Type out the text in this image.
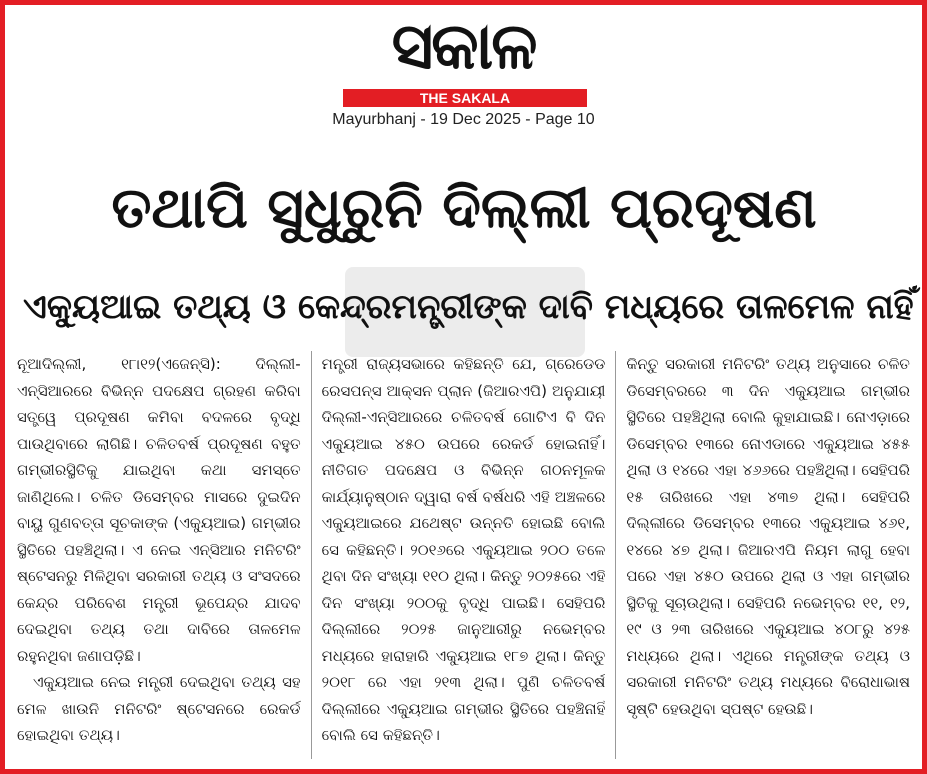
ସକାଳ
THE SAKALA
Mayurbhanj - 19 Dec 2025 - Page 10
ତଥାପି ସୁଧୁରୁନି ଦିଲ୍ଲୀ ପ୍ରଦୂଷଣ
ଏକ୍ୟୁଆଇ ତଥ୍ୟ ଓ କେନ୍ଦ୍ରମନ୍ତ୍ରୀଙ୍କ ଦାବି ମଧ୍ୟରେ ତାଳମେଳ ନାହିଁ

ନୂଆଦିଲ୍ଲୀ, ୧୮ା୧୨(ଏଜେନ୍ସି): ଦିଲ୍ଲୀ-ଏନ୍‌ସିଆରରେ ବିଭିନ୍ନ ପଦକ୍ଷେପ ଗ୍ରହଣ କରିବା ସତ୍ତ୍ୱେ ପ୍ରଦୂଷଣ କମିବା ବଦଳରେ ବୃଦ୍ଧି ପାଉଥିବାରେ ଲାଗିଛି। ଚଳିତବର୍ଷ ପ୍ରଦୂଷଣ ବହୁତ ଗମ୍ଭୀରସ୍ଥିତିକୁ ଯାଇଥିବା କଥା ସମସ୍ତେ ଜାଣିଥିଲେ। ଚଳିତ ଡିସେମ୍ବର ମାସରେ ଦୁଇଦିନ ବାୟୁ ଗୁଣବତ୍ତା ସୂଚକାଙ୍କ (ଏକ୍ୟୁଆଇ) ଗମ୍ଭୀର ସ୍ଥିତିରେ ପହଞ୍ଚିଥିଲା। ଏ ନେଇ ଏନ୍‌ସିଆର ମନିଟରିଂ ଷ୍ଟେସନରୁ ମିଳିଥିବା ସରକାରୀ ତଥ୍ୟ ଓ ସଂସଦରେ କେନ୍ଦ୍ର ପରିବେଶ ମନ୍ତ୍ରୀ ଭୂପେନ୍ଦ୍ର ଯାଦବ ଦେଇଥିବା ତଥ୍ୟ ତଥା ଦାବିରେ ତାଳମେଳ ରହୁନଥିବା ଜଣାପଡ଼ିଛି।

ଏକ୍ୟୁଆଇ ନେଇ ମନ୍ତ୍ରୀ ଦେଇଥିବା ତଥ୍ୟ ସହ ମେଳ ଖାଉନି ମନିଟରିଂ ଷ୍ଟେସନରେ ରେକର୍ଡ ହୋଇଥିବା ତଥ୍ୟ।

ମନ୍ତ୍ରୀ ରାଜ୍ୟସଭାରେ କହିଛନ୍ତି ଯେ, ଗ୍ରେଡେଡ ରେସପନ୍ସ ଆକ୍ସନ ପ୍ଲାନ (ଜିଆରଏପି) ଅନୁଯାୟୀ ଦିଲ୍ଲୀ-ଏନ୍‌ସିଆରରେ ଚଳିତବର୍ଷ ଗୋଟିଏ ବି ଦିନ ଏକ୍ୟୁଆଇ ୪୫୦ ଉପରେ ରେକର୍ଡ ହୋଇନାହିଁ। ନୀତିଗତ ପଦକ୍ଷେପ ଓ ବିଭିନ୍ନ ଗଠନମୂଳକ କାର୍ଯ୍ୟାନୁଷ୍ଠାନ ଦ୍ୱାରା ବର୍ଷ ବର୍ଷଧରି ଏହି ଅଞ୍ଚଳରେ ଏକ୍ୟୁଆଇରେ ଯଥେଷ୍ଟ ଉନ୍ନତି ହୋଇଛି ବୋଲି ସେ କହିଛନ୍ତି। ୨୦୧୬ରେ ଏକ୍ୟୁଆଇ ୨୦୦ ତଳେ ଥିବା ଦିନ ସଂଖ୍ୟା ୧୧୦ ଥିଲା। କିନ୍ତୁ ୨୦୨୫ରେ ଏହି ଦିନ ସଂଖ୍ୟା ୨୦୦କୁ ବୃଦ୍ଧି ପାଇଛି। ସେହିପରି ଦିଲ୍ଲୀରେ ୨୦୨୫ ଜାନୁଆରୀରୁ ନଭେମ୍ବର ମଧ୍ୟରେ ହାରାହାରି ଏକ୍ୟୁଆଇ ୧୮୭ ଥିଲା। କିନ୍ତୁ ୨୦୧୮ ରେ ଏହା ୨୧୩ ଥିଲା। ପୁଣି ଚଳିତବର୍ଷ ଦିଲ୍ଲୀରେ ଏକ୍ୟୁଆଇ ଗମ୍ଭୀର ସ୍ଥିତିରେ ପହଞ୍ଚିନାହିଁ ବୋଲି ସେ କହିଛନ୍ତି।

କିନ୍ତୁ ସରକାରୀ ମନିଟରିଂ ତଥ୍ୟ ଅନୁସାରେ ଚଳିତ ଡିସେମ୍ବରରେ ୩ ଦିନ ଏକ୍ୟୁଆଇ ଗମ୍ଭୀର ସ୍ଥିତିରେ ପହଞ୍ଚିଥିଲା ବୋଲି କୁହାଯାଇଛି। ନୋଏଡ଼ାରେ ଡିସେମ୍ବର ୧୩ରେ ନୋଏଡାରେ ଏକ୍ୟୁଆଇ ୪୫୫ ଥିଲା ଓ ୧୪ରେ ଏହା ୪୬୬ରେ ପହଞ୍ଚିଥିଲା। ସେହିପରି ୧୫ ତାରିଖରେ ଏହା ୪୩୭ ଥିଲା। ସେହିପରି ଦିଲ୍ଲୀରେ ଡିସେମ୍ବର ୧୩ରେ ଏକ୍ୟୁଆଇ ୪୬୧, ୧୪ରେ ୪୭ ଥିଲା। ଜିଆରଏପି ନିୟମ ଲାଗୁ ହେବା ପରେ ଏହା ୪୫୦ ଉପରେ ଥିଲା ଓ ଏହା ଗମ୍ଭୀର ସ୍ଥିତିକୁ ସୂଚାଉଥିଲା। ସେହିପରି ନଭେମ୍ବର ୧୧, ୧୨, ୧୯ ଓ ୨୩ ତାରିଖରେ ଏକ୍ୟୁଆଇ ୪୦୮ରୁ ୪୨୫ ମଧ୍ୟରେ ଥିଲା। ଏଥିରେ ମନ୍ତ୍ରୀଙ୍କ ତଥ୍ୟ ଓ ସରକାରୀ ମନିଟରିଂ ତଥ୍ୟ ମଧ୍ୟରେ ବିରୋଧାଭାଷ ସୃଷ୍ଟି ହେଉଥିବା ସ୍ପଷ୍ଟ ହେଉଛି।
